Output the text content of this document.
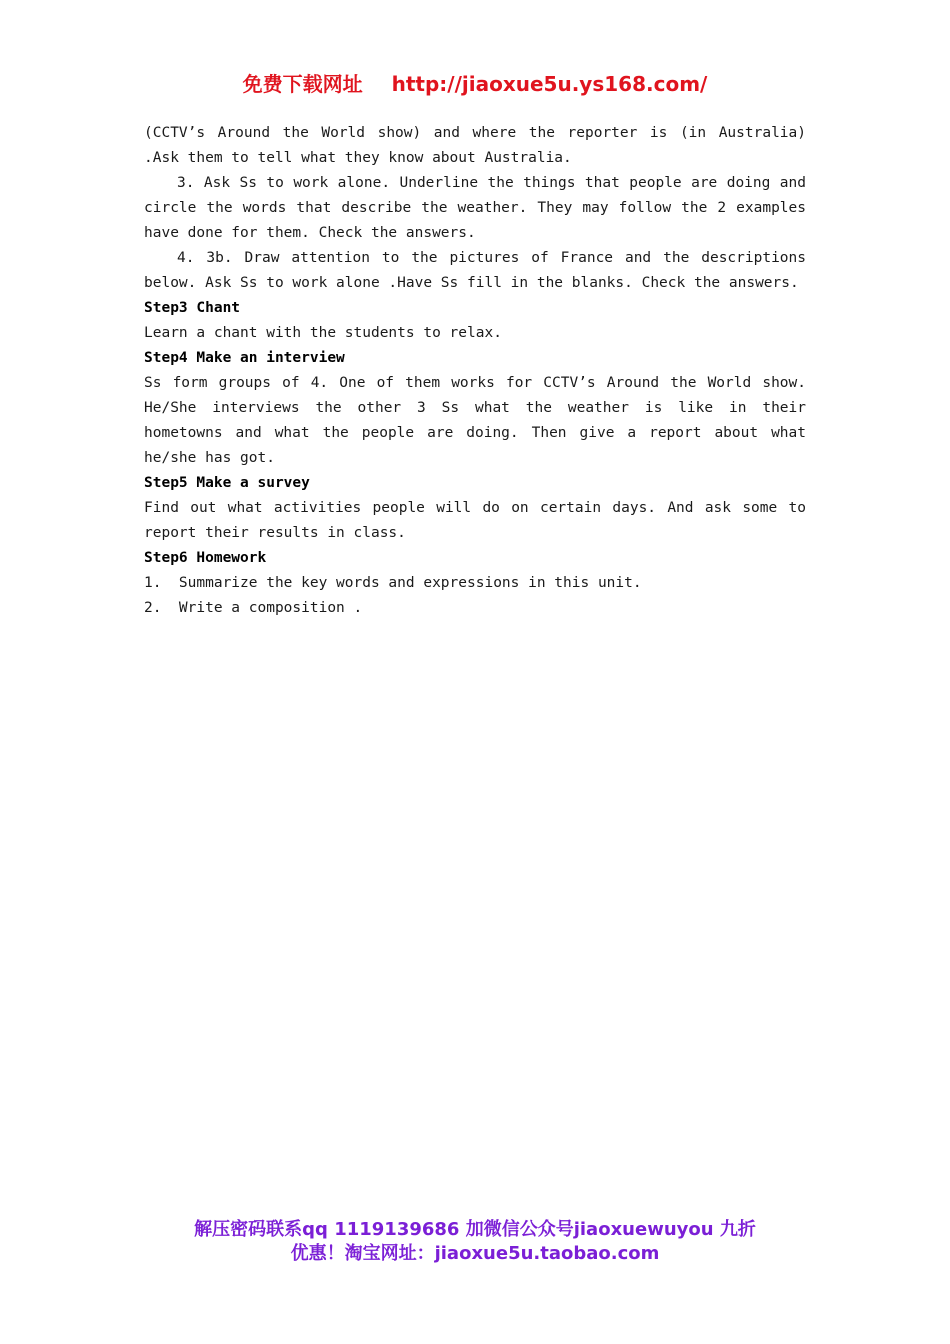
免费下载网址 http://jiaoxue5u.ys168.com/

(CCTV’s Around the World show) and where the reporter is (in Australia) .Ask them to tell what they know about Australia.

3. Ask Ss to work alone. Underline the things that people are doing and circle the words that describe the weather. They may follow the 2 examples have done for them. Check the answers.

4. 3b. Draw attention to the pictures of France and the descriptions below. Ask Ss to work alone .Have Ss fill in the blanks. Check the answers.

Step3 Chant

Learn a chant with the students to relax.

Step4 Make an interview

Ss form groups of 4. One of them works for CCTV’s Around the World show. He/She interviews the other 3 Ss what the weather is like in their hometowns and what the people are doing. Then give a report about what he/she has got.

Step5 Make a survey

Find out what activities people will do on certain days. And ask some to report their results in class.

Step6 Homework

1.  Summarize the key words and expressions in this unit.

2.  Write a composition .

解压密码联系qq 1119139686 加微信公众号jiaoxuewuyou 九折
优惠！淘宝网址：jiaoxue5u.taobao.com
